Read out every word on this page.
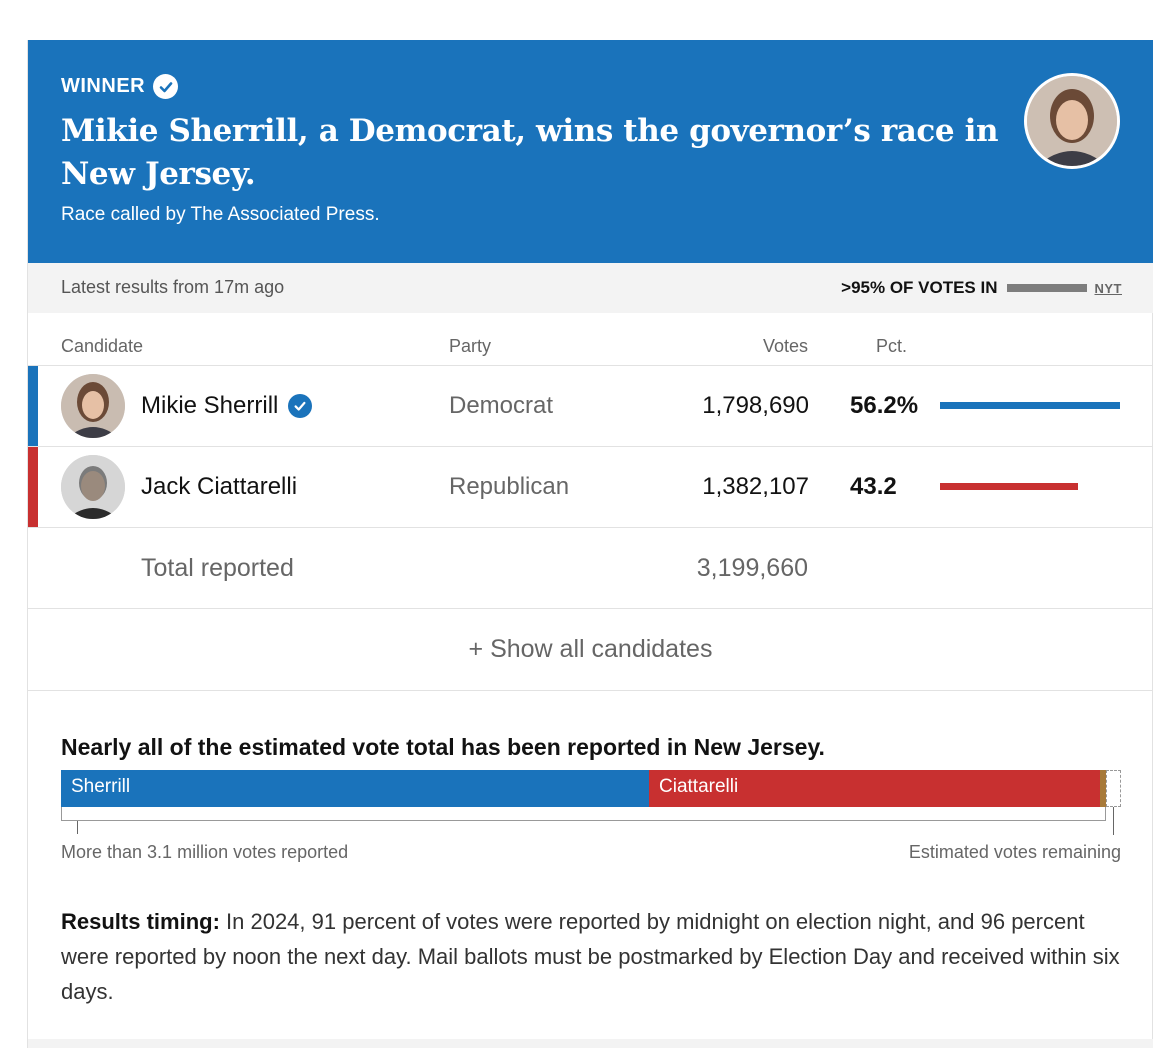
WINNER
Mikie Sherrill, a Democrat, wins the governor’s race in New Jersey.
Race called by The Associated Press.
Latest results from 17m ago	>95% OF VOTES IN	NYT
Candidate	Party	Votes	Pct.
Mikie Sherrill	Democrat	1,798,690 56.2%
Jack Ciattarelli	Republican	1,382,107 43.2
Total reported	3,199,660
+ Show all candidates
Nearly all of the estimated vote total has been reported in New Jersey.
Sherrill	Ciattarelli
More than 3.1 million votes reported	Estimated votes remaining

Results timing: In 2024, 91 percent of votes were reported by midnight on election night, and 96 percent were reported by noon the next day. Mail ballots must be postmarked by Election Day and received within six days.
